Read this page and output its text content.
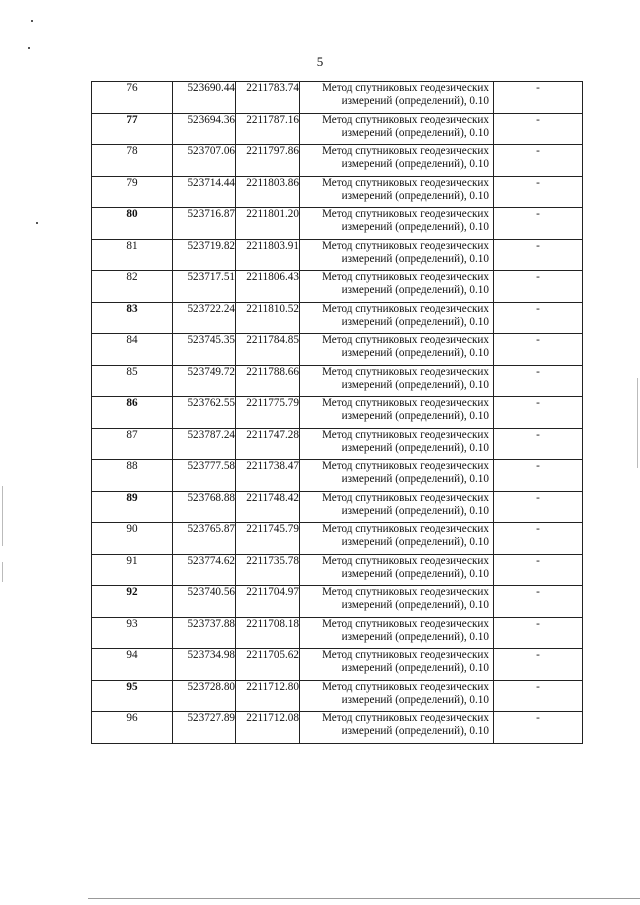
5
76	523690.44	2211783.74	Метод спутниковых геодезических
измерений (определений), 0.10	-
77	523694.36	2211787.16	Метод спутниковых геодезических
измерений (определений), 0.10	-
78	523707.06	2211797.86	Метод спутниковых геодезических
измерений (определений), 0.10	-
79	523714.44	2211803.86	Метод спутниковых геодезических
измерений (определений), 0.10	-
80	523716.87	2211801.20	Метод спутниковых геодезических
измерений (определений), 0.10	-
81	523719.82	2211803.91	Метод спутниковых геодезических
измерений (определений), 0.10	-
82	523717.51	2211806.43	Метод спутниковых геодезических
измерений (определений), 0.10	-
83	523722.24	2211810.52	Метод спутниковых геодезических
измерений (определений), 0.10	-
84	523745.35	2211784.85	Метод спутниковых геодезических
измерений (определений), 0.10	-
85	523749.72	2211788.66	Метод спутниковых геодезических
измерений (определений), 0.10	-
86	523762.55	2211775.79	Метод спутниковых геодезических
измерений (определений), 0.10	-
87	523787.24	2211747.28	Метод спутниковых геодезических
измерений (определений), 0.10	-
88	523777.58	2211738.47	Метод спутниковых геодезических
измерений (определений), 0.10	-
89	523768.88	2211748.42	Метод спутниковых геодезических
измерений (определений), 0.10	-
90	523765.87	2211745.79	Метод спутниковых геодезических
измерений (определений), 0.10	-
91	523774.62	2211735.78	Метод спутниковых геодезических
измерений (определений), 0.10	-
92	523740.56	2211704.97	Метод спутниковых геодезических
измерений (определений), 0.10	-
93	523737.88	2211708.18	Метод спутниковых геодезических
измерений (определений), 0.10	-
94	523734.98	2211705.62	Метод спутниковых геодезических
измерений (определений), 0.10	-
95	523728.80	2211712.80	Метод спутниковых геодезических
измерений (определений), 0.10	-
96	523727.89	2211712.08	Метод спутниковых геодезических
измерений (определений), 0.10	-
